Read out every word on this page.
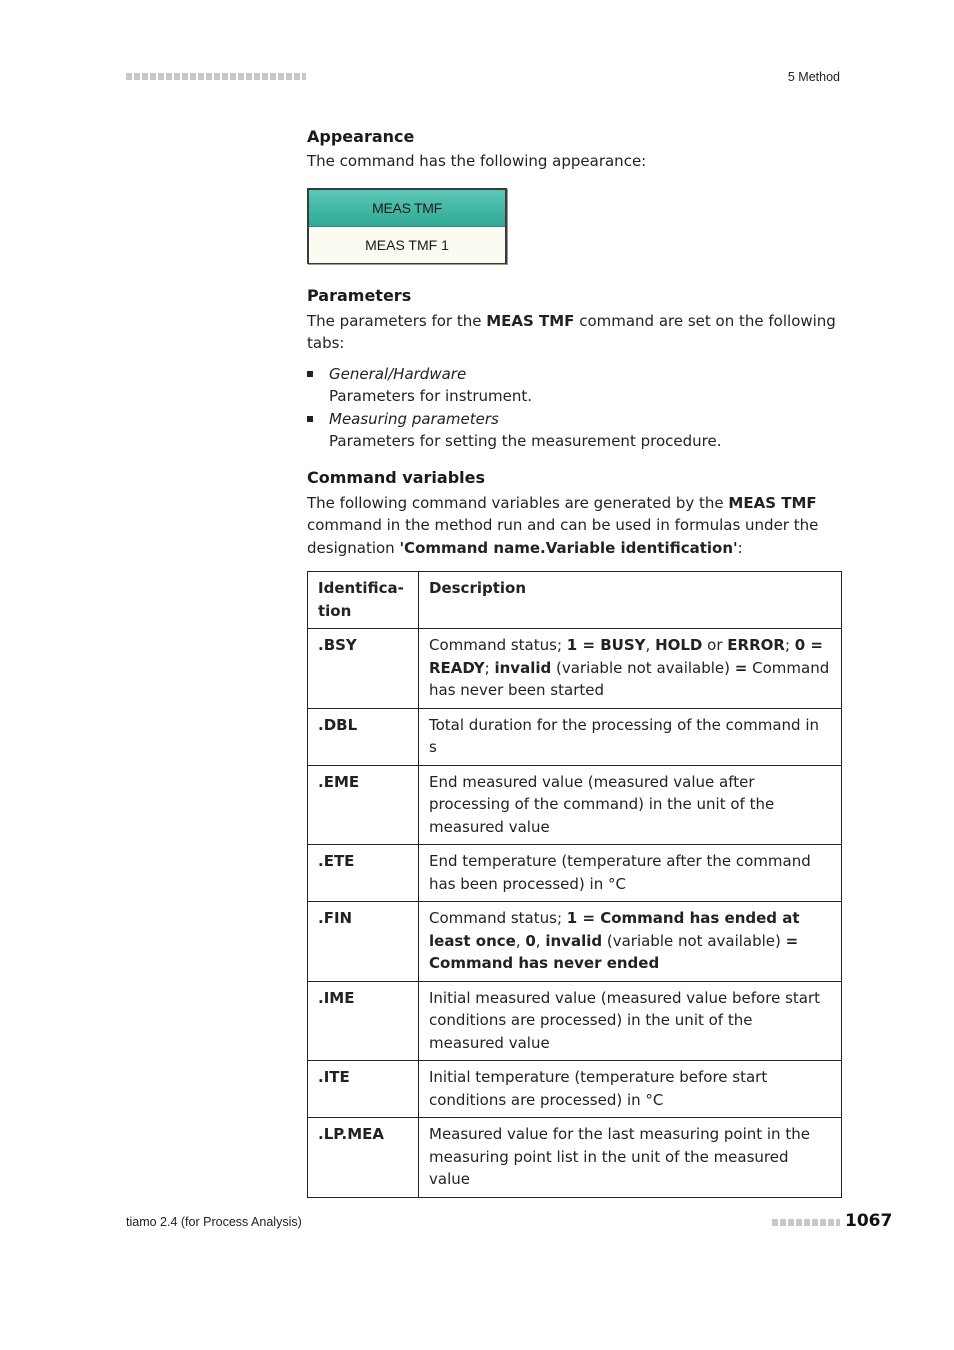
5 Method
Appearance

The command has the following appearance:

MEAS TMF
MEAS TMF 1
Parameters

The parameters for the MEAS TMF command are set on the following tabs:

General/Hardware
Parameters for instrument.
Measuring parameters
Parameters for setting the measurement procedure.
Command variables

The following command variables are generated by the MEAS TMF command in the method run and can be used in formulas under the designation 'Command name.Variable identification':

Identifica-tion	Description
.BSY	Command status; 1 = BUSY, HOLD or ERROR; 0 = READY; invalid (variable not available) = Command has never been started
.DBL	Total duration for the processing of the command in s
.EME	End measured value (measured value after processing of the command) in the unit of the measured value
.ETE	End temperature (temperature after the command has been processed) in °C
.FIN	Command status; 1 = Command has ended at least once, 0, invalid (variable not available) = Command has never ended
.IME	Initial measured value (measured value before start conditions are processed) in the unit of the measured value
.ITE	Initial temperature (temperature before start conditions are processed) in °C
.LP.MEA	Measured value for the last measuring point in the measuring point list in the unit of the measured value
tiamo 2.4 (for Process Analysis)	1067
